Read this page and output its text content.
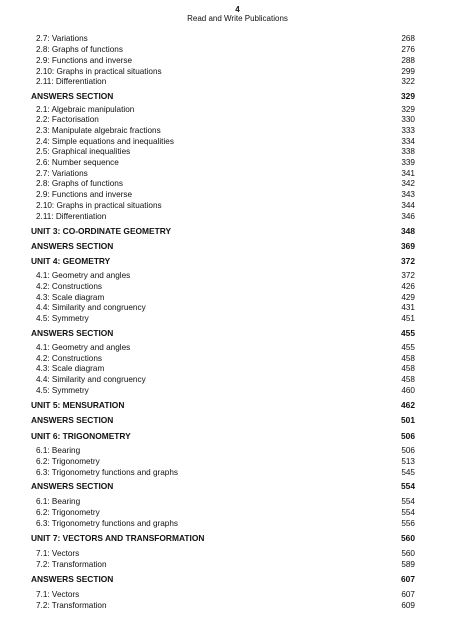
4
Read and Write Publications
2.7: Variations	268
2.8: Graphs of functions	276
2.9: Functions and inverse	288
2.10: Graphs in practical situations	299
2.11: Differentiation	322
ANSWERS SECTION	329
2.1: Algebraic manipulation	329
2.2: Factorisation	330
2.3: Manipulate algebraic fractions	333
2.4: Simple equations and inequalities	334
2.5: Graphical inequalities	338
2.6: Number sequence	339
2.7: Variations	341
2.8: Graphs of functions	342
2.9: Functions and inverse	343
2.10: Graphs in practical situations	344
2.11: Differentiation	346
UNIT 3: CO-ORDINATE GEOMETRY	348
ANSWERS SECTION	369
UNIT 4: GEOMETRY	372
4.1: Geometry and angles	372
4.2: Constructions	426
4.3: Scale diagram	429
4.4: Similarity and congruency	431
4.5: Symmetry	451
ANSWERS SECTION	455
4.1: Geometry and angles	455
4.2: Constructions	458
4.3: Scale diagram	458
4.4: Similarity and congruency	458
4.5: Symmetry	460
UNIT 5: MENSURATION	462
ANSWERS SECTION	501
UNIT 6: TRIGONOMETRY	506
6.1: Bearing	506
6.2: Trigonometry	513
6.3: Trigonometry functions and graphs	545
ANSWERS SECTION	554
6.1: Bearing	554
6.2: Trigonometry	554
6.3: Trigonometry functions and graphs	556
UNIT 7: VECTORS AND TRANSFORMATION	560
7.1: Vectors	560
7.2: Transformation	589
ANSWERS SECTION	607
7.1: Vectors	607
7.2: Transformation	609
